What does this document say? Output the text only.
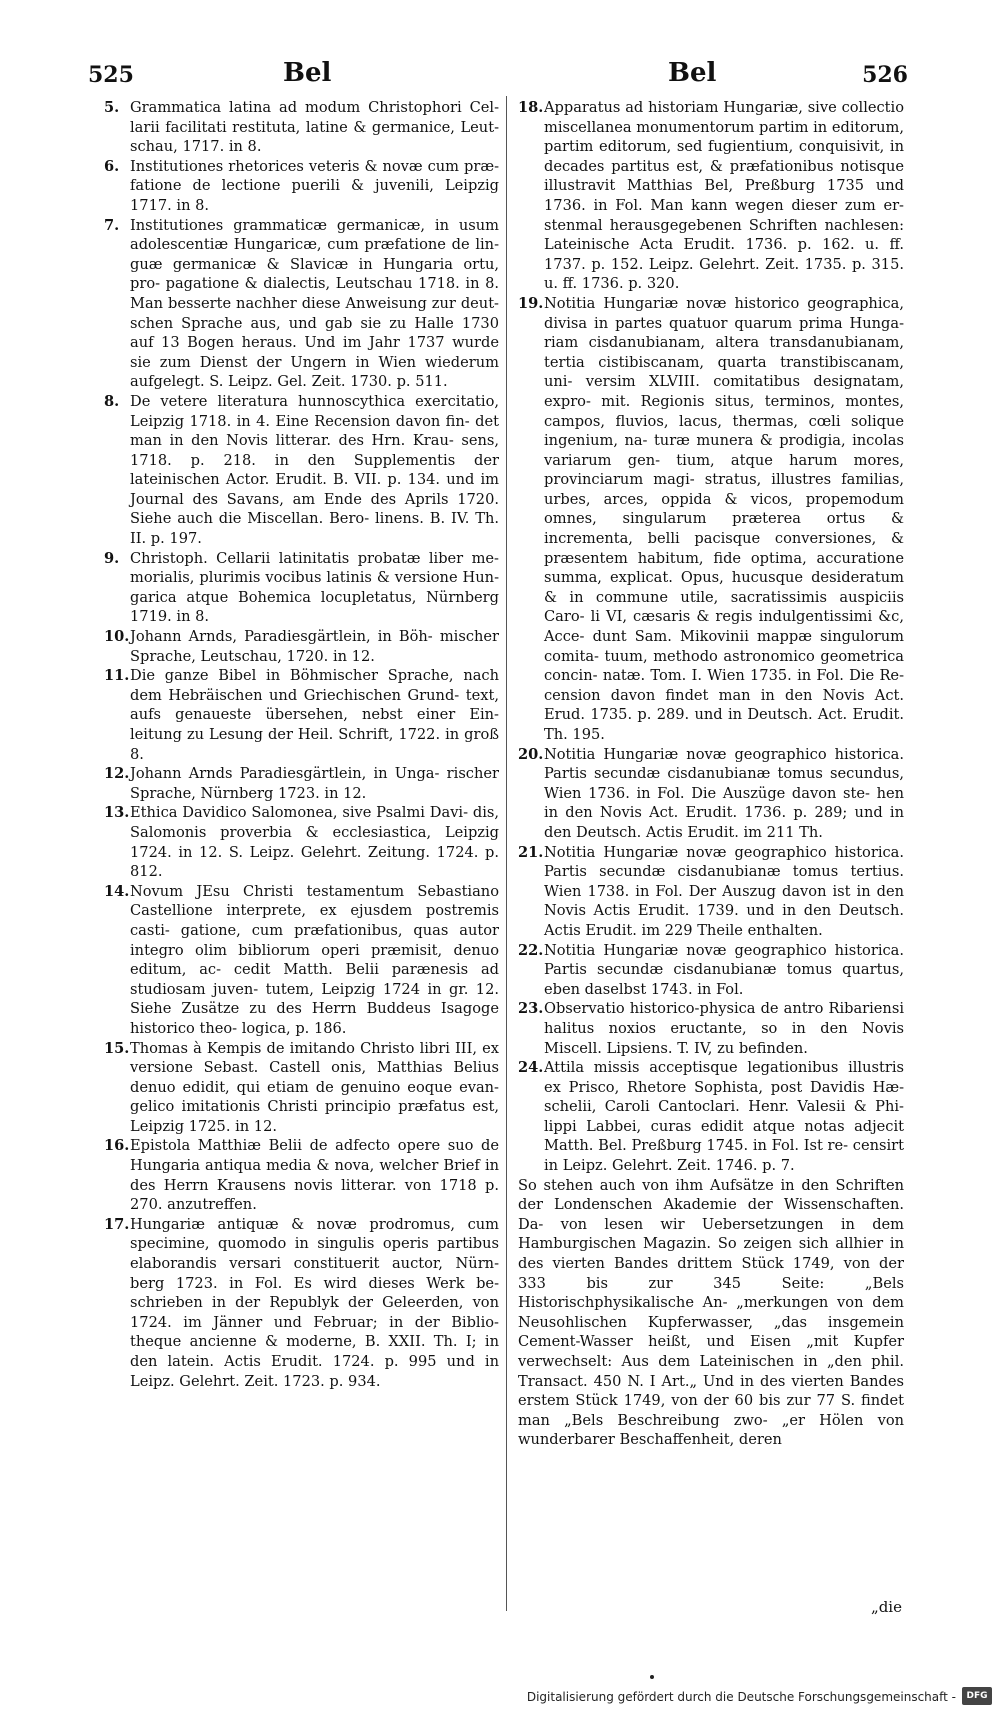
525	Bel	Bel	526
5. Grammatica latina ad modum Christophori Cel- larii facilitati restituta, latine & germanice, Leut- schau, 1717. in 8.
6. Institutiones rhetorices veteris & novæ cum præ- fatione de lectione puerili & juvenili, Leipzig 1717. in 8.
7. Institutiones grammaticæ germanicæ, in usum adolescentiæ Hungaricæ, cum præfatione de lin- guæ germanicæ & Slavicæ in Hungaria ortu, pro- pagatione & dialectis, Leutschau 1718. in 8. Man besserte nachher diese Anweisung zur deut- schen Sprache aus, und gab sie zu Halle 1730 auf 13 Bogen heraus. Und im Jahr 1737 wurde sie zum Dienst der Ungern in Wien wiederum aufgelegt. S. Leipz. Gel. Zeit. 1730. p. 511.
8. De vetere literatura hunnoscythica exercitatio, Leipzig 1718. in 4. Eine Recension davon fin- det man in den Novis litterar. des Hrn. Krau- sens, 1718. p. 218. in den Supplementis der lateinischen Actor. Erudit. B. VII. p. 134. und im Journal des Savans, am Ende des Aprils 1720. Siehe auch die Miscellan. Bero- linens. B. IV. Th. II. p. 197.
9. Christoph. Cellarii latinitatis probatæ liber me- morialis, plurimis vocibus latinis & versione Hun- garica atque Bohemica locupletatus, Nürnberg 1719. in 8.
10.Johann Arnds, Paradiesgärtlein, in Böh- mischer Sprache, Leutschau, 1720. in 12.
11.Die ganze Bibel in Böhmischer Sprache, nach dem Hebräischen und Griechischen Grund- text, aufs genaueste übersehen, nebst einer Ein- leitung zu Lesung der Heil. Schrift, 1722. in groß 8.
12.Johann Arnds Paradiesgärtlein, in Unga- rischer Sprache, Nürnberg 1723. in 12.
13.Ethica Davidico Salomonea, sive Psalmi Davi- dis, Salomonis proverbia & ecclesiastica, Leipzig 1724. in 12. S. Leipz. Gelehrt. Zeitung. 1724. p. 812.
14.Novum JEsu Christi testamentum Sebastiano Castellione interprete, ex ejusdem postremis casti- gatione, cum præfationibus, quas autor integro olim bibliorum operi præmisit, denuo editum, ac- cedit Matth. Belii parænesis ad studiosam juven- tutem, Leipzig 1724 in gr. 12. Siehe Zusätze zu des Herrn Buddeus Isagoge historico theo- logica, p. 186.
15.Thomas à Kempis de imitando Christo libri III, ex versione Sebast. Castell onis, Matthias Belius denuo edidit, qui etiam de genuino eoque evan- gelico imitationis Christi principio præfatus est, Leipzig 1725. in 12.
16.Epistola Matthiæ Belii de adfecto opere suo de Hungaria antiqua media & nova, welcher Brief in des Herrn Krausens novis litterar. von 1718 p. 270. anzutreffen.
17.Hungariæ antiquæ & novæ prodromus, cum specimine, quomodo in singulis operis partibus elaborandis versari constituerit auctor, Nürn- berg 1723. in Fol. Es wird dieses Werk be- schrieben in der Republyk der Geleerden, von 1724. im Jänner und Februar; in der Biblio- theque ancienne & moderne, B. XXII. Th. I; in den latein. Actis Erudit. 1724. p. 995 und in Leipz. Gelehrt. Zeit. 1723. p. 934.
18.Apparatus ad historiam Hungariæ, sive collectio miscellanea monumentorum partim in editorum, partim editorum, sed fugientium, conquisivit, in decades partitus est, & præfationibus notisque illustravit Matthias Bel, Preßburg 1735 und 1736. in Fol. Man kann wegen dieser zum er- stenmal herausgegebenen Schriften nachlesen: Lateinische Acta Erudit. 1736. p. 162. u. ff. 1737. p. 152. Leipz. Gelehrt. Zeit. 1735. p. 315. u. ff. 1736. p. 320.
19.Notitia Hungariæ novæ historico geographica, divisa in partes quatuor quarum prima Hunga- riam cisdanubianam, altera transdanubianam, tertia cistibiscanam, quarta transtibiscanam, uni- versim XLVIII. comitatibus designatam, expro- mit. Regionis situs, terminos, montes, campos, fluvios, lacus, thermas, cœli solique ingenium, na- turæ munera & prodigia, incolas variarum gen- tium, atque harum mores, provinciarum magi- stratus, illustres familias, urbes, arces, oppida & vicos, propemodum omnes, singularum præterea ortus & incrementa, belli pacisque conversiones, & præsentem habitum, fide optima, accuratione summa, explicat. Opus, hucusque desideratum & in commune utile, sacratissimis auspiciis Caro- li VI, cæsaris & regis indulgentissimi &c, Acce- dunt Sam. Mikovinii mappæ singulorum comita- tuum, methodo astronomico geometrica concin- natæ. Tom. I. Wien 1735. in Fol. Die Re- cension davon findet man in den Novis Act. Erud. 1735. p. 289. und in Deutsch. Act. Erudit. Th. 195.
20.Notitia Hungariæ novæ geographico historica. Partis secundæ cisdanubianæ tomus secundus, Wien 1736. in Fol. Die Auszüge davon ste- hen in den Novis Act. Erudit. 1736. p. 289; und in den Deutsch. Actis Erudit. im 211 Th.
21.Notitia Hungariæ novæ geographico historica. Partis secundæ cisdanubianæ tomus tertius. Wien 1738. in Fol. Der Auszug davon ist in den Novis Actis Erudit. 1739. und in den Deutsch. Actis Erudit. im 229 Theile enthalten.
22.Notitia Hungariæ novæ geographico historica. Partis secundæ cisdanubianæ tomus quartus, eben daselbst 1743. in Fol.
23.Observatio historico-physica de antro Ribariensi halitus noxios eructante, so in den Novis Miscell. Lipsiens. T. IV, zu befinden.
24.Attila missis acceptisque legationibus illustris ex Prisco, Rhetore Sophista, post Davidis Hæ- schelii, Caroli Cantoclari. Henr. Valesii & Phi- lippi Labbei, curas edidit atque notas adjecit Matth. Bel. Preßburg 1745. in Fol. Ist re- censirt in Leipz. Gelehrt. Zeit. 1746. p. 7.
So stehen auch von ihm Aufsätze in den Schriften der Londenschen Akademie der Wissenschaften. Da- von lesen wir Uebersetzungen in dem Hamburgischen Magazin. So zeigen sich allhier in des vierten Bandes drittem Stück 1749, von der 333 bis	zur 345 Seite: „Bels Historischphysikalische An- „merkungen von dem Neusohlischen Kupferwasser, „das insgemein Cement-Wasser heißt, und Eisen „mit Kupfer verwechselt: Aus dem Lateinischen in „den phil. Transact. 450 N. I Art.„ Und in des vierten Bandes erstem Stück 1749, von der 60 bis zur 77 S. findet man „Bels Beschreibung zwo- „er Hölen von wunderbarer Beschaffenheit, deren
„die
Digitalisierung gefördert durch die Deutsche Forschungsgemeinschaft -	DFG
